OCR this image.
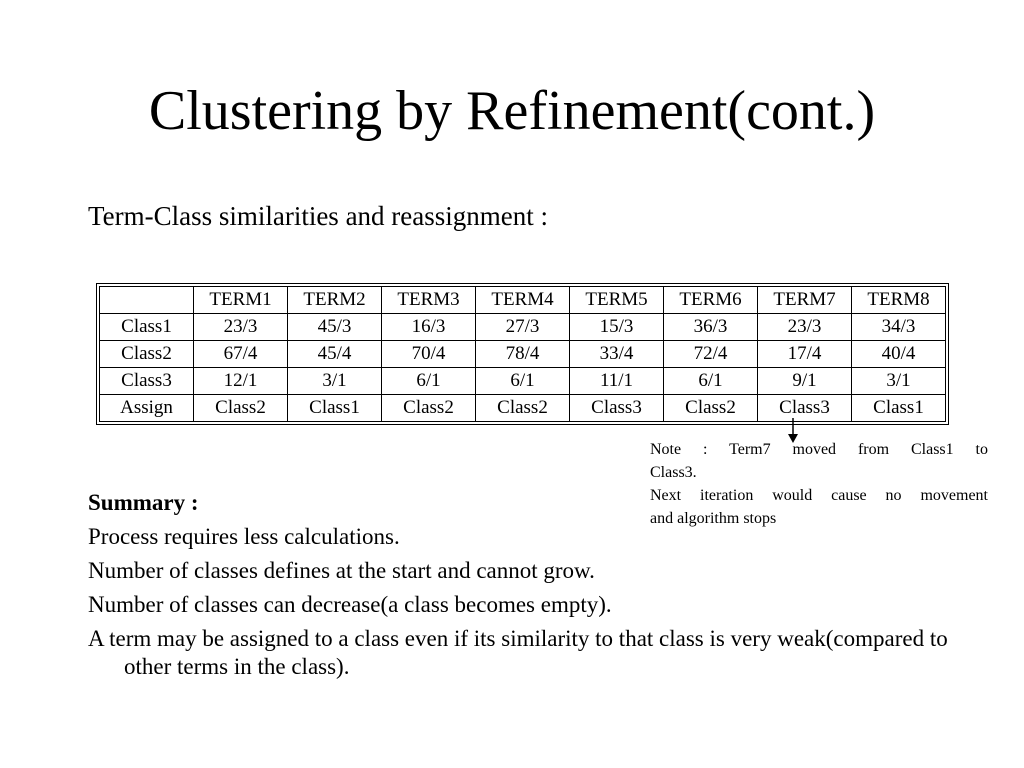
Clustering by Refinement(cont.)
Term-Class similarities and reassignment :
	TERM1	TERM2	TERM3	TERM4	TERM5	TERM6	TERM7	TERM8
Class1	23/3	45/3	16/3	27/3	15/3	36/3	23/3	34/3
Class2	67/4	45/4	70/4	78/4	33/4	72/4	17/4	40/4
Class3	12/1	3/1	6/1	6/1	11/1	6/1	9/1	3/1
Assign	Class2	Class1	Class2	Class2	Class3	Class2	Class3	Class1

Note : Term7 moved from Class1 to

Class3.

Next iteration would cause no movement

and algorithm stops

Summary :
Process requires less calculations.
Number of classes defines at the start and cannot grow.
Number of classes can decrease(a class becomes empty).
A term may be assigned to a class even if its similarity to that class is very weak(compared to other terms in the class).
